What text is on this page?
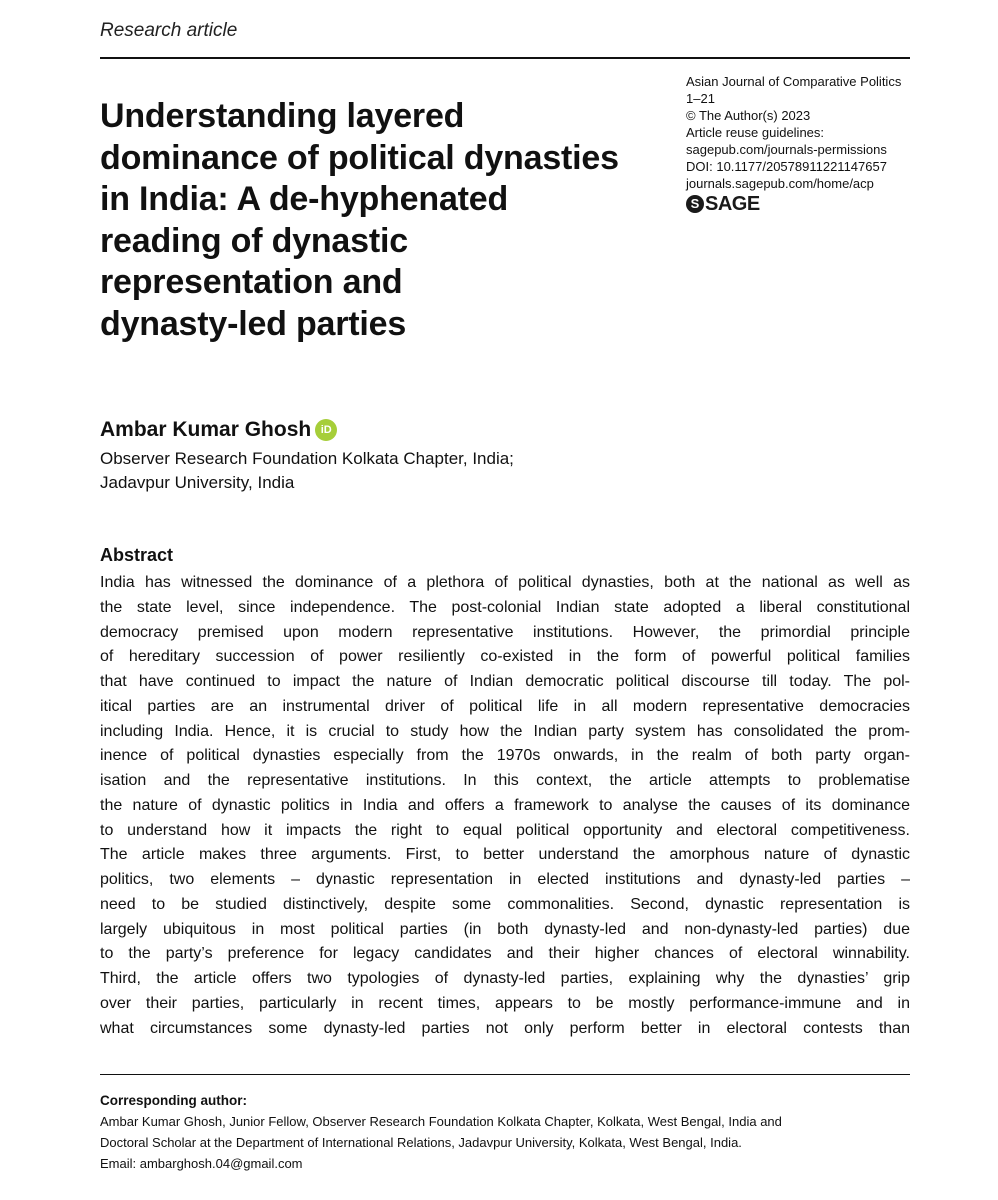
Research article
Understanding layered
dominance of political dynasties
in India: A de-hyphenated
reading of dynastic
representation and
dynasty-led parties
Asian Journal of Comparative Politics
1–21
© The Author(s) 2023
Article reuse guidelines:
sagepub.com/journals-permissions
DOI: 10.1177/20578911221147657
journals.sagepub.com/home/acp
S SAGE
Ambar Kumar Ghosh iD
Observer Research Foundation Kolkata Chapter, India;
Jadavpur University, India
Abstract
India has witnessed the dominance of a plethora of political dynasties, both at the national as well as
the state level, since independence. The post-colonial Indian state adopted a liberal constitutional
democracy premised upon modern representative institutions. However, the primordial principle
of hereditary succession of power resiliently co-existed in the form of powerful political families
that have continued to impact the nature of Indian democratic political discourse till today. The pol-
itical parties are an instrumental driver of political life in all modern representative democracies
including India. Hence, it is crucial to study how the Indian party system has consolidated the prom-
inence of political dynasties especially from the 1970s onwards, in the realm of both party organ-
isation and the representative institutions. In this context, the article attempts to problematise
the nature of dynastic politics in India and offers a framework to analyse the causes of its dominance
to understand how it impacts the right to equal political opportunity and electoral competitiveness.
The article makes three arguments. First, to better understand the amorphous nature of dynastic
politics, two elements – dynastic representation in elected institutions and dynasty-led parties –
need to be studied distinctively, despite some commonalities. Second, dynastic representation is
largely ubiquitous in most political parties (in both dynasty-led and non-dynasty-led parties) due
to the party’s preference for legacy candidates and their higher chances of electoral winnability.
Third, the article offers two typologies of dynasty-led parties, explaining why the dynasties’ grip
over their parties, particularly in recent times, appears to be mostly performance-immune and in
what circumstances some dynasty-led parties not only perform better in electoral contests than
Corresponding author:
Ambar Kumar Ghosh, Junior Fellow, Observer Research Foundation Kolkata Chapter, Kolkata, West Bengal, India and
Doctoral Scholar at the Department of International Relations, Jadavpur University, Kolkata, West Bengal, India.
Email: ambarghosh.04@gmail.com
